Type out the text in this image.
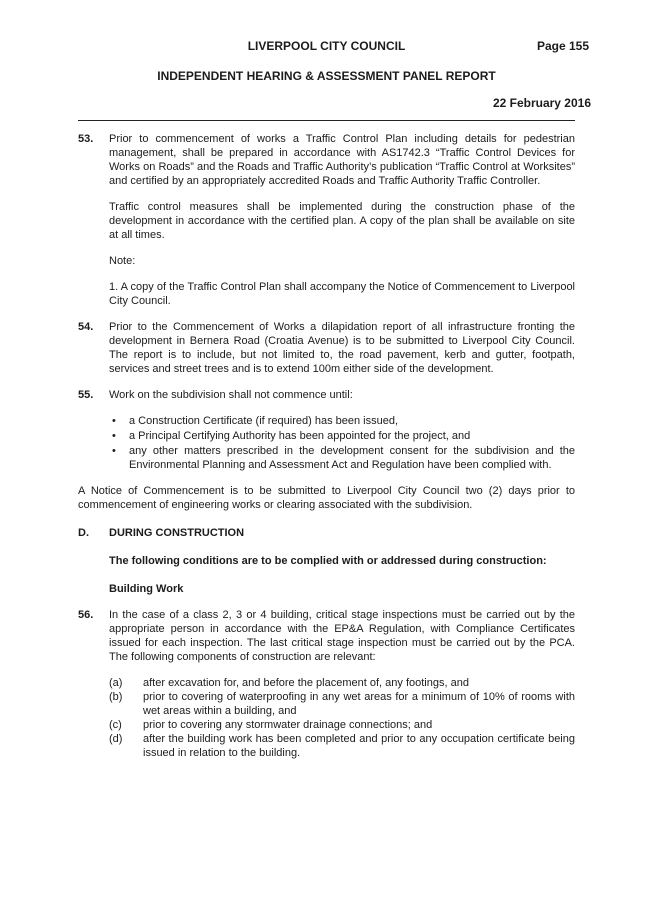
LIVERPOOL CITY COUNCIL	Page 155
INDEPENDENT HEARING & ASSESSMENT PANEL REPORT
22 February 2016
53. Prior to commencement of works a Traffic Control Plan including details for pedestrian management, shall be prepared in accordance with AS1742.3 “Traffic Control Devices for Works on Roads” and the Roads and Traffic Authority’s publication “Traffic Control at Worksites” and certified by an appropriately accredited Roads and Traffic Authority Traffic Controller.

Traffic control measures shall be implemented during the construction phase of the development in accordance with the certified plan. A copy of the plan shall be available on site at all times.

Note:

1. A copy of the Traffic Control Plan shall accompany the Notice of Commencement to Liverpool City Council.

54. Prior to the Commencement of Works a dilapidation report of all infrastructure fronting the development in Bernera Road (Croatia Avenue) is to be submitted to Liverpool City Council. The report is to include, but not limited to, the road pavement, kerb and gutter, footpath, services and street trees and is to extend 100m either side of the development.

55. Work on the subdivision shall not commence until:

• a Construction Certificate (if required) has been issued,
• a Principal Certifying Authority has been appointed for the project, and
• any other matters prescribed in the development consent for the subdivision and the Environmental Planning and Assessment Act and Regulation have been complied with.

A Notice of Commencement is to be submitted to Liverpool City Council two (2) days prior to commencement of engineering works or clearing associated with the subdivision.

D. DURING CONSTRUCTION
The following conditions are to be complied with or addressed during construction:
Building Work
56. In the case of a class 2, 3 or 4 building, critical stage inspections must be carried out by the appropriate person in accordance with the EP&A Regulation, with Compliance Certificates issued for each inspection. The last critical stage inspection must be carried out by the PCA. The following components of construction are relevant:

(a) after excavation for, and before the placement of, any footings, and
(b) prior to covering of waterproofing in any wet areas for a minimum of 10% of rooms with wet areas within a building, and
(c) prior to covering any stormwater drainage connections; and
(d) after the building work has been completed and prior to any occupation certificate being issued in relation to the building.
